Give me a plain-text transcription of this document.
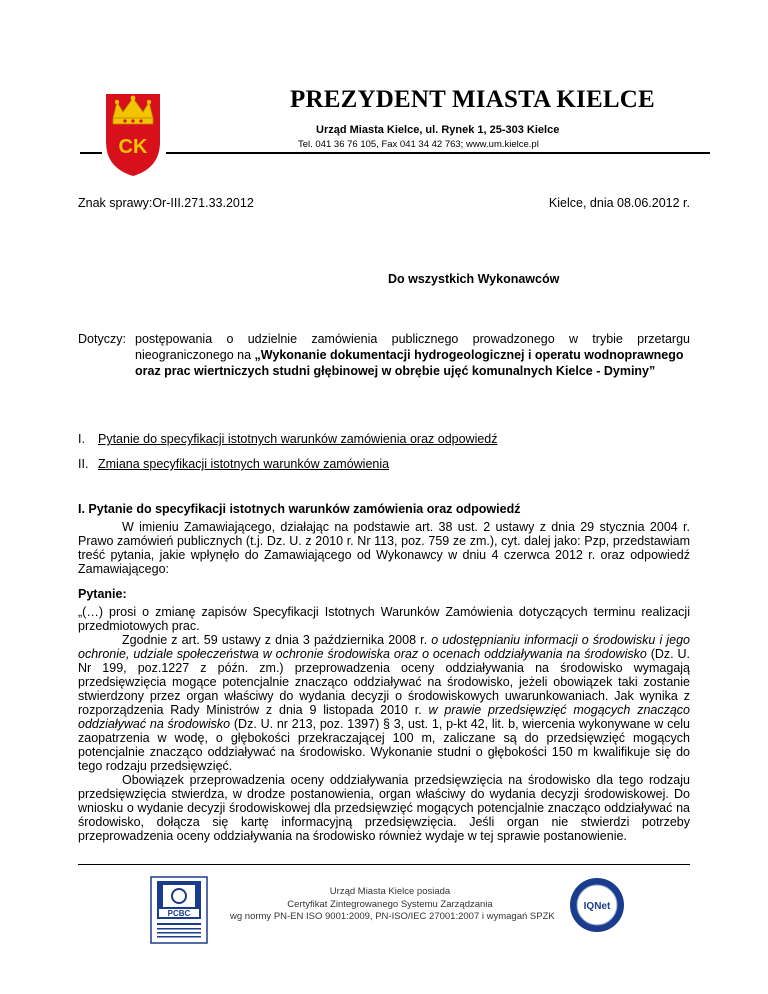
CK
PREZYDENT MIASTA KIELCE
Urząd Miasta Kielce, ul. Rynek 1, 25-303 Kielce
Tel. 041 36 76 105, Fax 041 34 42 763; www.um.kielce.pl
Znak sprawy:Or-III.271.33.2012	Kielce, dnia 08.06.2012 r.
Do wszystkich Wykonawców
Dotyczy: postępowania o udzielnie zamówienia publicznego prowadzonego w trybie przetargu
nieograniczonego na „Wykonanie dokumentacji hydrogeologicznej i operatu wodnoprawnego
oraz prac wiertniczych studni głębinowej w obrębie ujęć komunalnych Kielce - Dyminy”
I. Pytanie do specyfikacji istotnych warunków zamówienia oraz odpowiedź
II. Zmiana specyfikacji istotnych warunków zamówienia
I. Pytanie do specyfikacji istotnych warunków zamówienia oraz odpowiedź
W imieniu Zamawiającego, działając na podstawie art. 38 ust. 2 ustawy z dnia 29 stycznia 2004 r. Prawo zamówień publicznych (t.j. Dz. U. z 2010 r. Nr 113, poz. 759 ze zm.), cyt. dalej jako: Pzp, przedstawiam treść pytania, jakie wpłynęło do Zamawiającego od Wykonawcy w dniu 4 czerwca 2012 r. oraz odpowiedź Zamawiającego:
Pytanie:

„(…) prosi o zmianę zapisów Specyfikacji Istotnych Warunków Zamówienia dotyczących terminu realizacji przedmiotowych prac.

Zgodnie z art. 59 ustawy z dnia 3 października 2008 r. o udostępnianiu informacji o środowisku i jego ochronie, udziale społeczeństwa w ochronie środowiska oraz o ocenach oddziaływania na środowisko (Dz. U. Nr 199, poz.1227 z późn. zm.) przeprowadzenia oceny oddziaływania na środowisko wymagają przedsięwzięcia mogące potencjalnie znacząco oddziaływać na środowisko, jeżeli obowiązek taki zostanie stwierdzony przez organ właściwy do wydania decyzji o środowiskowych uwarunkowaniach. Jak wynika z rozporządzenia Rady Ministrów z dnia 9 listopada 2010 r. w prawie przedsięwzięć mogących znacząco oddziaływać na środowisko (Dz. U. nr 213, poz. 1397) § 3, ust. 1, p-kt 42, lit. b, wiercenia wykonywane w celu zaopatrzenia w wodę, o głębokości przekraczającej 100 m, zaliczane są do przedsięwzięć mogących potencjalnie znacząco oddziaływać na środowisko. Wykonanie studni o głębokości 150 m kwalifikuje się do tego rodzaju przedsięwzięć.

Obowiązek przeprowadzenia oceny oddziaływania przedsięwzięcia na środowisko dla tego rodzaju przedsięwzięcia stwierdza, w drodze postanowienia, organ właściwy do wydania decyzji środowiskowej. Do wniosku o wydanie decyzji środowiskowej dla przedsięwzięć mogących potencjalnie znacząco oddziaływać na środowisko, dołącza się kartę informacyjną przedsięwzięcia. Jeśli organ nie stwierdzi potrzeby przeprowadzenia oceny oddziaływania na środowisko również wydaje w tej sprawie postanowienie.

PCBC
Urząd Miasta Kielce posiada
Certyfikat Zintegrowanego Systemu Zarządzania
wg normy PN-EN ISO 9001:2009, PN-ISO/IEC 27001:2007 i wymagań SPZK
IQNet
